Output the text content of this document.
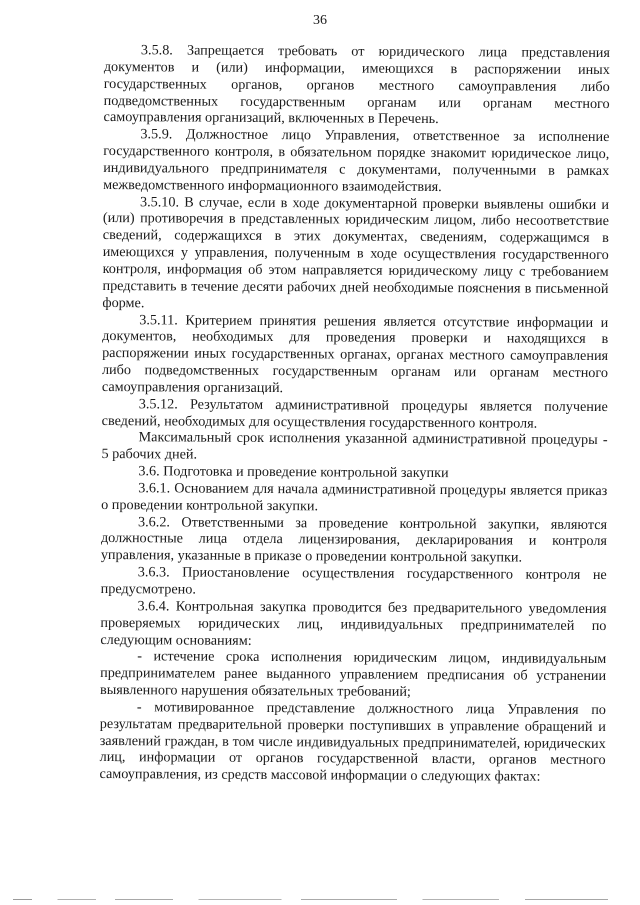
36

3.5.8. Запрещается требовать от юридического лица представления документов и (или) информации, имеющихся в распоряжении иных государственных органов, органов местного самоуправления либо подведомственных государственным органам или органам местного самоуправления организаций, включенных в Перечень.

3.5.9. Должностное лицо Управления, ответственное за исполнение государственного контроля, в обязательном порядке знакомит юридическое лицо, индивидуального предпринимателя с документами, полученными в рамках межведомственного информационного взаимодействия.

3.5.10. В случае, если в ходе документарной проверки выявлены ошибки и (или) противоречия в представленных юридическим лицом, либо несоответствие сведений, содержащихся в этих документах, сведениям, содержащимся в имеющихся у управления, полученным в ходе осуществления государственного контроля, информация об этом направляется юридическому лицу с требованием представить в течение десяти рабочих дней необходимые пояснения в письменной форме.

3.5.11. Критерием принятия решения является отсутствие информации и документов, необходимых для проведения проверки и находящихся в распоряжении иных государственных органах, органах местного самоуправления либо подведомственных государственным органам или органам местного самоуправления организаций.

3.5.12. Результатом административной процедуры является получение сведений, необходимых для осуществления государственного контроля.

Максимальный срок исполнения указанной административной процедуры - 5 рабочих дней.

3.6. Подготовка и проведение контрольной закупки

3.6.1. Основанием для начала административной процедуры является приказ о проведении контрольной закупки.

3.6.2. Ответственными за проведение контрольной закупки, являются должностные лица отдела лицензирования, декларирования и контроля управления, указанные в приказе о проведении контрольной закупки.

3.6.3. Приостановление осуществления государственного контроля не предусмотрено.

3.6.4. Контрольная закупка проводится без предварительного уведомления проверяемых юридических лиц, индивидуальных предпринимателей по следующим основаниям:

- истечение срока исполнения юридическим лицом, индивидуальным предпринимателем ранее выданного управлением предписания об устранении выявленного нарушения обязательных требований;

- мотивированное представление должностного лица Управления по результатам предварительной проверки поступивших в управление обращений и заявлений граждан, в том числе индивидуальных предпринимателей, юридических лиц, информации от органов государственной власти, органов местного самоуправления, из средств массовой информации о следующих фактах:
